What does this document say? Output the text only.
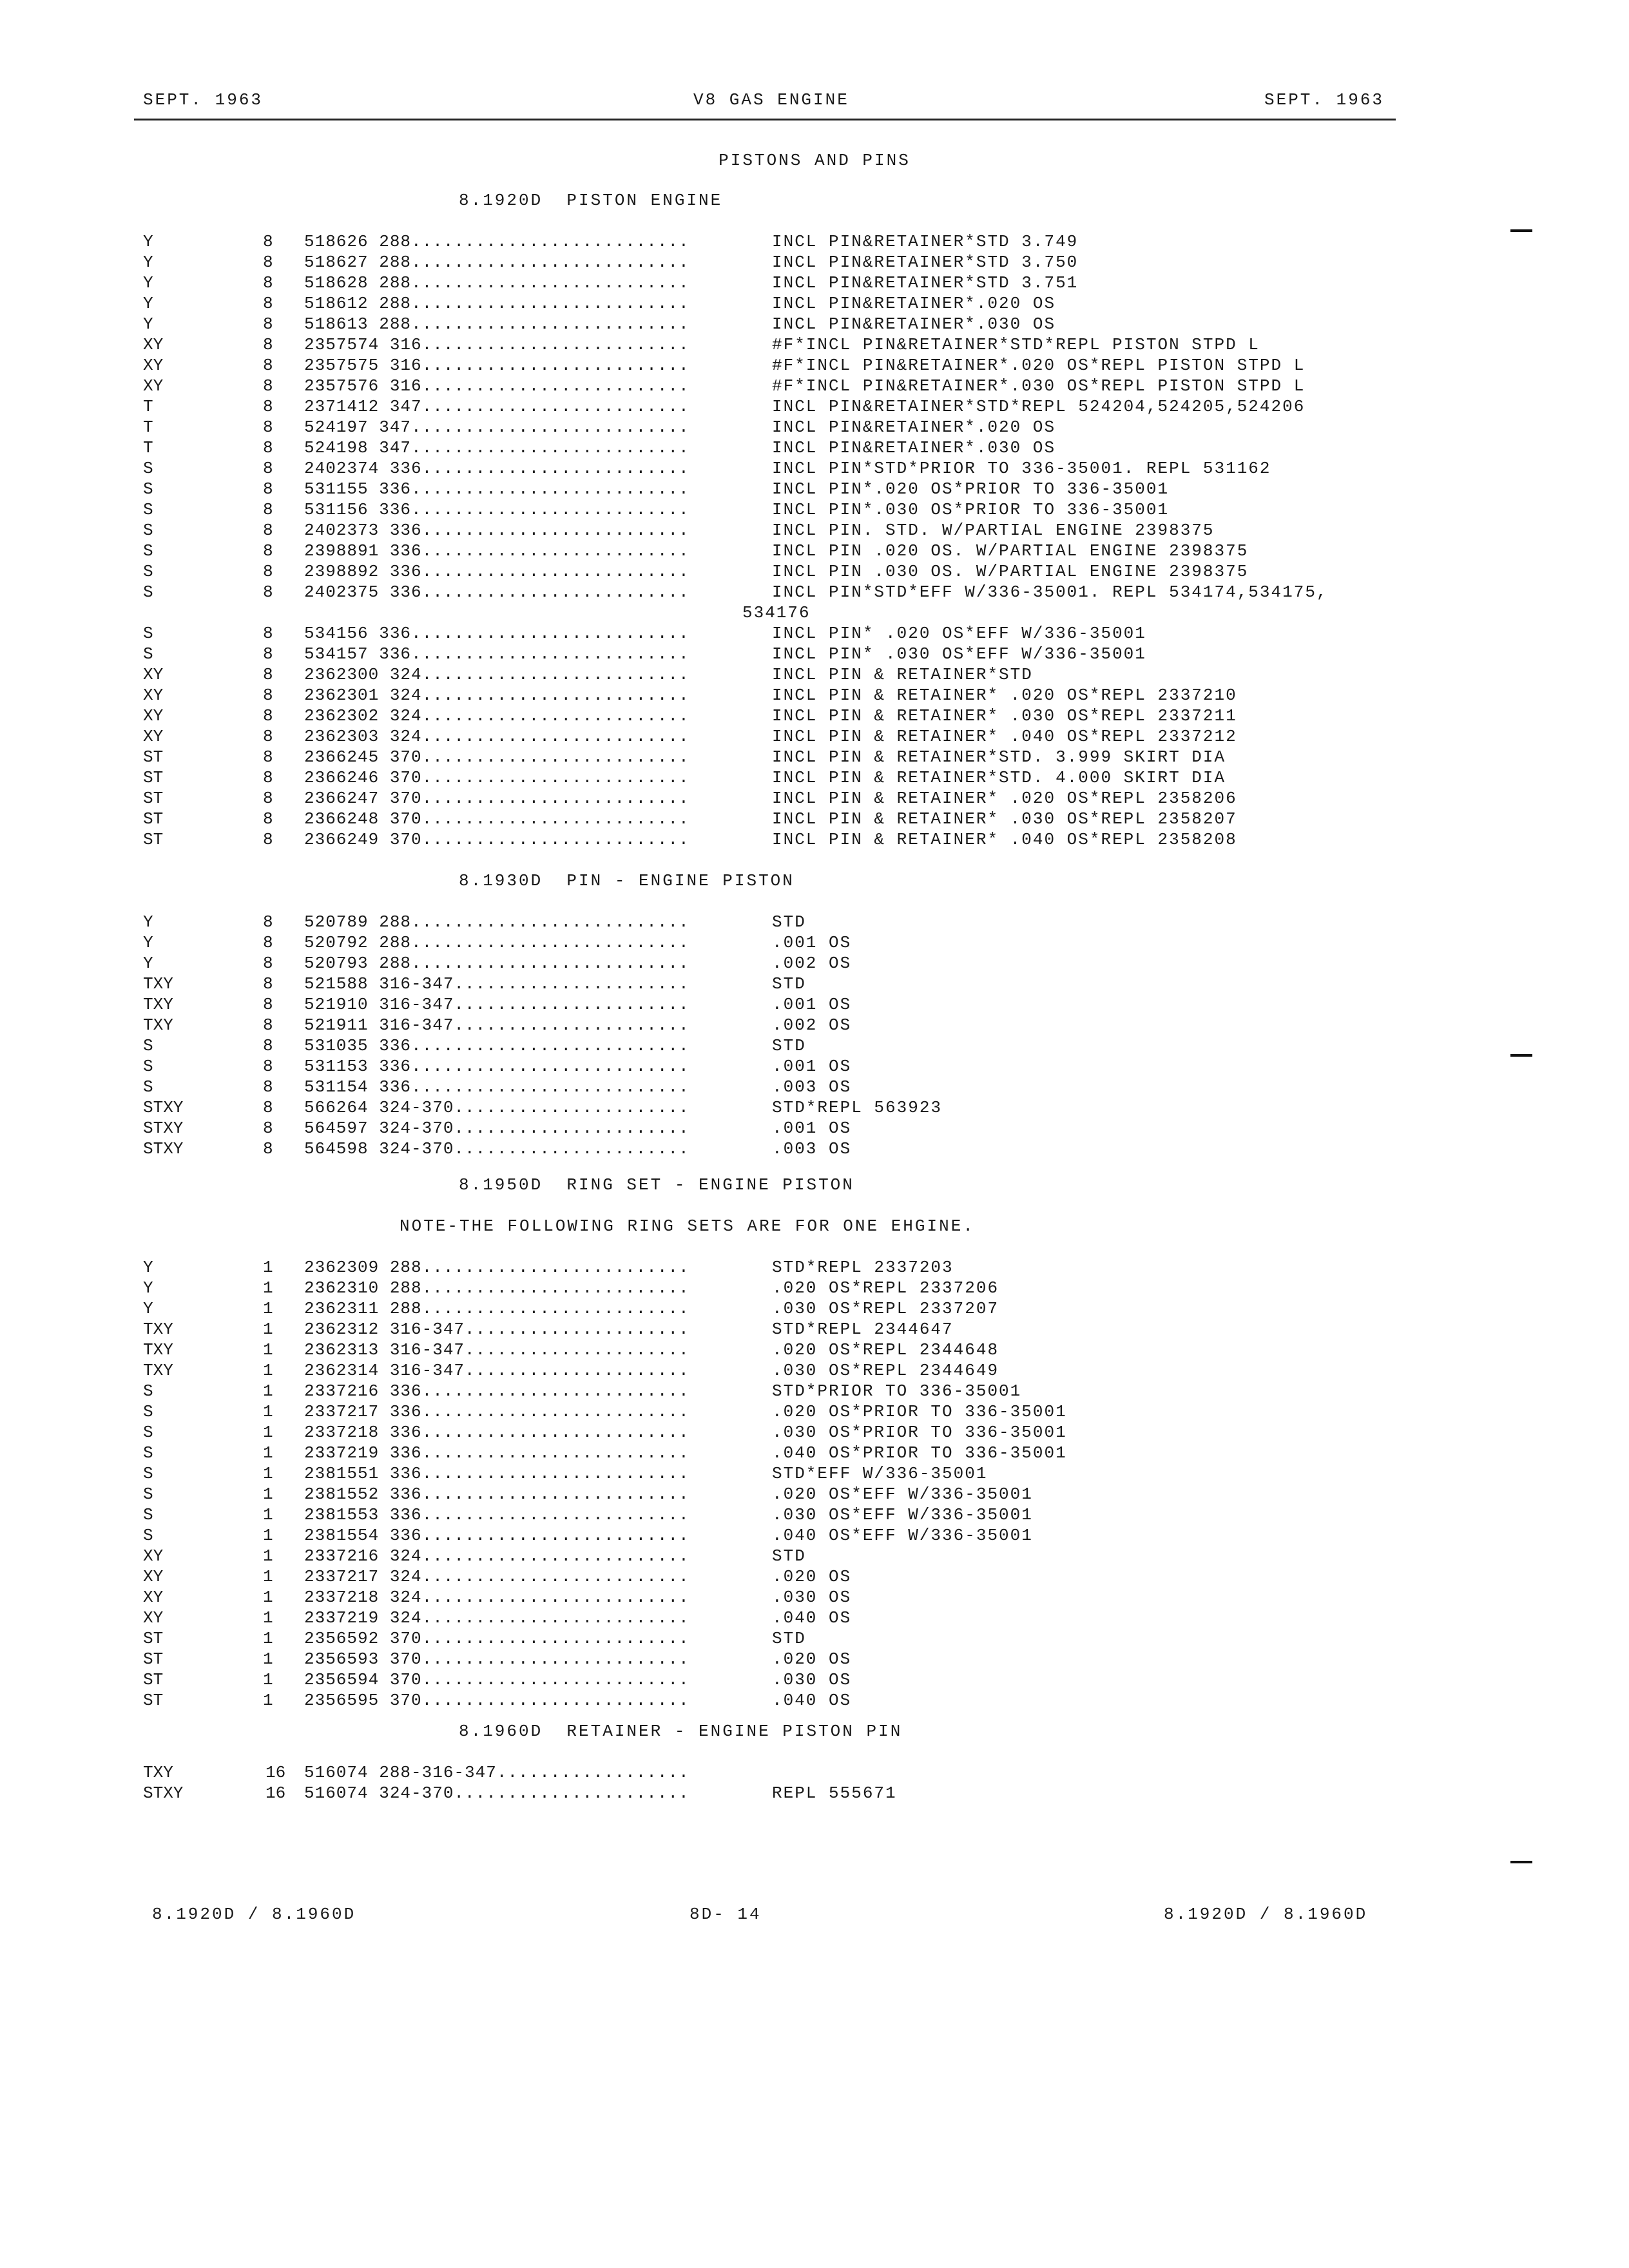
SEPT. 1963	V8 GAS ENGINE	SEPT. 1963
PISTONS AND PINS
8.1920D  PISTON ENGINE
Y	8 518626 288..........................	INCL PIN&RETAINER*STD 3.749
Y	8 518627 288..........................	INCL PIN&RETAINER*STD 3.750
Y	8 518628 288..........................	INCL PIN&RETAINER*STD 3.751
Y	8 518612 288..........................	INCL PIN&RETAINER*.020 OS
Y	8 518613 288..........................	INCL PIN&RETAINER*.030 OS
XY	8 2357574 316.........................	#F*INCL PIN&RETAINER*STD*REPL PISTON STPD L
XY	8 2357575 316.........................	#F*INCL PIN&RETAINER*.020 OS*REPL PISTON STPD L
XY	8 2357576 316.........................	#F*INCL PIN&RETAINER*.030 OS*REPL PISTON STPD L
T	8 2371412 347.........................	INCL PIN&RETAINER*STD*REPL 524204,524205,524206
T	8 524197 347..........................	INCL PIN&RETAINER*.020 OS
T	8 524198 347..........................	INCL PIN&RETAINER*.030 OS
S	8 2402374 336.........................	INCL PIN*STD*PRIOR TO 336-35001. REPL 531162
S	8 531155 336..........................	INCL PIN*.020 OS*PRIOR TO 336-35001
S	8 531156 336..........................	INCL PIN*.030 OS*PRIOR TO 336-35001
S	8 2402373 336.........................	INCL PIN. STD. W/PARTIAL ENGINE 2398375
S	8 2398891 336.........................	INCL PIN .020 OS. W/PARTIAL ENGINE 2398375
S	8 2398892 336.........................	INCL PIN .030 OS. W/PARTIAL ENGINE 2398375
S	8 2402375 336.........................	INCL PIN*STD*EFF W/336-35001. REPL 534174,534175,
534176
S	8 534156 336..........................	INCL PIN* .020 OS*EFF W/336-35001
S	8 534157 336..........................	INCL PIN* .030 OS*EFF W/336-35001
XY	8 2362300 324.........................	INCL PIN & RETAINER*STD
XY	8 2362301 324.........................	INCL PIN & RETAINER* .020 OS*REPL 2337210
XY	8 2362302 324.........................	INCL PIN & RETAINER* .030 OS*REPL 2337211
XY	8 2362303 324.........................	INCL PIN & RETAINER* .040 OS*REPL 2337212
ST	8 2366245 370.........................	INCL PIN & RETAINER*STD. 3.999 SKIRT DIA
ST	8 2366246 370.........................	INCL PIN & RETAINER*STD. 4.000 SKIRT DIA
ST	8 2366247 370.........................	INCL PIN & RETAINER* .020 OS*REPL 2358206
ST	8 2366248 370.........................	INCL PIN & RETAINER* .030 OS*REPL 2358207
ST	8 2366249 370.........................	INCL PIN & RETAINER* .040 OS*REPL 2358208
8.1930D  PIN - ENGINE PISTON
Y	8 520789 288..........................	STD
Y	8 520792 288..........................	.001 OS
Y	8 520793 288..........................	.002 OS
TXY	8 521588 316-347......................	STD
TXY	8 521910 316-347......................	.001 OS
TXY	8 521911 316-347......................	.002 OS
S	8 531035 336..........................	STD
S	8 531153 336..........................	.001 OS
S	8 531154 336..........................	.003 OS
STXY	8 566264 324-370......................	STD*REPL 563923
STXY	8 564597 324-370......................	.001 OS
STXY	8 564598 324-370......................	.003 OS
8.1950D  RING SET - ENGINE PISTON
NOTE-THE FOLLOWING RING SETS ARE FOR ONE EHGINE.
Y	1 2362309 288.........................	STD*REPL 2337203
Y	1 2362310 288.........................	.020 OS*REPL 2337206
Y	1 2362311 288.........................	.030 OS*REPL 2337207
TXY	1 2362312 316-347.....................	STD*REPL 2344647
TXY	1 2362313 316-347.....................	.020 OS*REPL 2344648
TXY	1 2362314 316-347.....................	.030 OS*REPL 2344649
S	1 2337216 336.........................	STD*PRIOR TO 336-35001
S	1 2337217 336.........................	.020 OS*PRIOR TO 336-35001
S	1 2337218 336.........................	.030 OS*PRIOR TO 336-35001
S	1 2337219 336.........................	.040 OS*PRIOR TO 336-35001
S	1 2381551 336.........................	STD*EFF W/336-35001
S	1 2381552 336.........................	.020 OS*EFF W/336-35001
S	1 2381553 336.........................	.030 OS*EFF W/336-35001
S	1 2381554 336.........................	.040 OS*EFF W/336-35001
XY	1 2337216 324.........................	STD
XY	1 2337217 324.........................	.020 OS
XY	1 2337218 324.........................	.030 OS
XY	1 2337219 324.........................	.040 OS
ST	1 2356592 370.........................	STD
ST	1 2356593 370.........................	.020 OS
ST	1 2356594 370.........................	.030 OS
ST	1 2356595 370.........................	.040 OS
8.1960D  RETAINER - ENGINE PISTON PIN
TXY	16 516074 288-316-347..................
STXY	16 516074 324-370......................	REPL 555671
8.1920D / 8.1960D	8D- 14	8.1920D / 8.1960D
